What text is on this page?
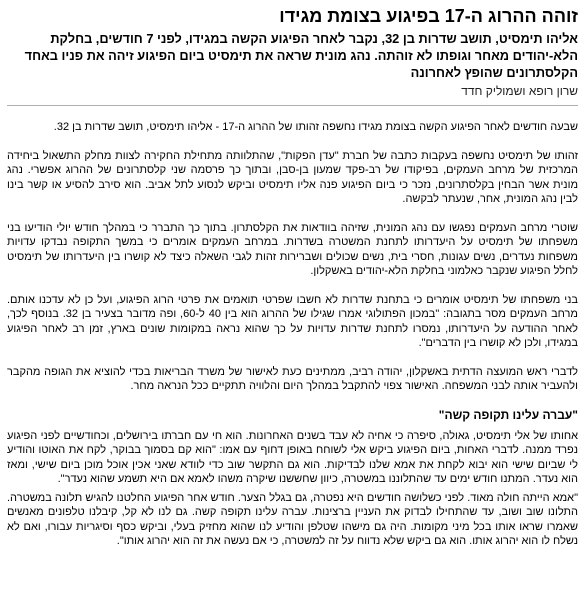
זוהה ההרוג ה-17 בפיגוע בצומת מגידו
אליהו תימסיט, תושב שדרות בן 32, נקבר לאחר הפיגוע הקשה במגידו, לפני 7 חודשים, בחלקת הלא-יהודים מאחר וגופתו לא זוהתה. נהג מונית שראה את תימסיט ביום הפיגוע זיהה את פניו באחד הקלסתרונים שהופץ לאחרונה
שרון רופא ושמוליק חדד

שבעה חודשים לאחר הפיגוע הקשה בצומת מגידו נחשפה זהותו של ההרוג ה-17 - אליהו תימסיט, תושב שדרות בן 32.

זהותו של תימסיט נחשפה בעקבות כתבה של חברת "עדן הפקות", שהתלוותה מתחילת החקירה לצוות מחלק התשאול ביחידה המרכזית של מרחב העמקים, בפיקודו של רב-פקד שמעון בן-סבן, ובתוך כך פרסמה שני קלסתרונים של ההרוג אפשרי. נהג מונית אשר הבחין בקלסתרונים, נזכר כי ביום הפיגוע פנה אליו תימסיט וביקש לנסוע לתל אביב. הוא סירב להסיע או קשר בינו לבין נהג המונית, אחר, שנעתר לבקשה.

שוטרי מרחב העמקים נפגשו עם נהג המונית, שזיהה בוודאות את הקלסתרון. בתוך כך התברר כי במהלך חודש יולי הודיעו בני משפחתו של תימסיט על היעדרותו לתחנת המשטרה בשדרות. במרחב העמקים אומרים כי במשך התקופה נבדקו עדויות משפחות נעדרים, נשים עגונות, חסרי בית, נשים שכולים ושברירות זהות לגבי השאלה כיצד לא קושרו בין היעדרותו של תימסיט לחלל הפיגוע שנקבר כאלמוני בחלקת הלא-יהודים באשקלון.

בני משפחתו של תימסיט אומרים כי בתחנת שדרות לא חשבו שפרטי תואמים את פרטי הרוג הפיגוע, ועל כן לא עדכנו אותם. מרחב העמקים מסר בתגובה: "במכון הפתולוגי אמרו שגילו של ההרוג הוא בין 40 ל-60, ופה מדובר בצעיר בן 32. בנוסף לכך, לאחר ההודעה על היעדרותו, נמסרו לתחנת שדרות עדויות על כך שהוא נראה במקומות שונים בארץ, זמן רב לאחר הפיגוע במגידו, ולכן לא קושרו בין הדברים".

לדברי ראש המועצה הדתית באשקלון, יהודה רביב, ממתינים כעת לאישור של משרד הבריאות בכדי להוציא את הגופה מהקבר ולהעביר אותה לבני המשפחה. האישור צפוי להתקבל במהלך היום והלוויה תתקיים ככל הנראה מחר.

"עברה עלינו תקופה קשה"

אחותו של אלי תימסיט, גאולה, סיפרה כי אחיה לא עבד בשנים האחרונות. הוא חי עם חברתו בירושלים, וכחודשיים לפני הפיגוע נפרד ממנה. לדברי האחות, ביום הפיגוע ביקש אלי לשוחח באופן דחוף עם אמו: "הוא קם בסמוך בבוקר, לקח את האוטו והודיע לי שביום שישי הוא יבוא לקחת את אמא שלנו לבדיקות. הוא גם התקשר שוב כדי לוודא שאני אכין אוכל מוכן ביום שישי, ומאז הוא נעדר. המתנו חודש ימים עד שהתלוננו במשטרה, כיוון שחששנו שיקרה משהו לאמא אם היא תשמע שהוא נעדר".

"אמא הייתה חולה מאוד. לפני כשלושה חודשים היא נפטרה, גם בגלל הצער. חודש אחר הפיגוע החלטנו להגיש תלונה במשטרה. התלונו שוב ושוב, עד שהתחילו לבדוק את העניין ברצינות. עברה עלינו תקופה קשה. גם לנו לא קל, קיבלנו טלפונים מאנשים שאמרו שראו אותו בכל מיני מקומות. היה גם מישהו שטלפן והודיע לנו שהוא מחזיק בעלי, וביקש כסף וסיגריות עבורו, ואם לא נשלח לו הוא יהרוג אותו. הוא גם ביקש שלא נדווח על זה למשטרה, כי אם נעשה את זה הוא יהרוג אותו".
